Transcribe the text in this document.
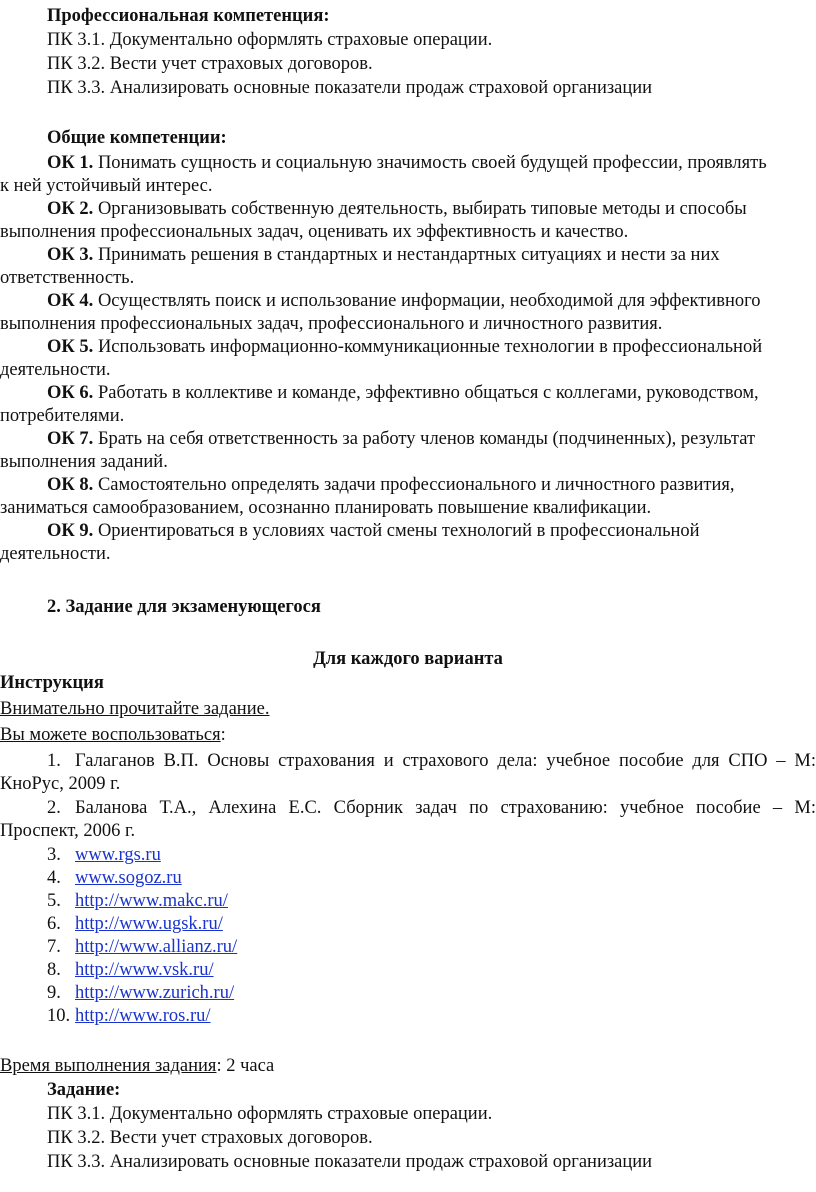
Профессиональная компетенция:
ПК 3.1. Документально оформлять страховые операции.
ПК 3.2. Вести учет страховых договоров.
ПК 3.3. Анализировать основные показатели продаж страховой организации
Общие компетенции:
ОК 1. Понимать сущность и социальную значимость своей будущей профессии, проявлять
к ней устойчивый интерес.
ОК 2. Организовывать собственную деятельность, выбирать типовые методы и способы
выполнения профессиональных задач, оценивать их эффективность и качество.
ОК 3. Принимать решения в стандартных и нестандартных ситуациях и нести за них
ответственность.
ОК 4. Осуществлять поиск и использование информации, необходимой для эффективного
выполнения профессиональных задач, профессионального и личностного развития.
ОК 5. Использовать информационно-коммуникационные технологии в профессиональной
деятельности.
ОК 6. Работать в коллективе и команде, эффективно общаться с коллегами, руководством,
потребителями.
ОК 7. Брать на себя ответственность за работу членов команды (подчиненных), результат
выполнения заданий.
ОК 8. Самостоятельно определять задачи профессионального и личностного развития,
заниматься самообразованием, осознанно планировать повышение квалификации.
ОК 9. Ориентироваться в условиях частой смены технологий в профессиональной
деятельности.
2. Задание для экзаменующегося
Для каждого варианта
Инструкция
Внимательно прочитайте задание.
Вы можете воспользоваться:
1. Галаганов В.П. Основы страхования и страхового дела: учебное пособие для СПО – М:
КноРус, 2009 г.
2. Баланова Т.А., Алехина Е.С. Сборник задач по страхованию: учебное пособие – М:
Проспект, 2006 г.
3. www.rgs.ru
4. www.sogoz.ru
5. http://www.makc.ru/
6. http://www.ugsk.ru/
7. http://www.allianz.ru/
8. http://www.vsk.ru/
9. http://www.zurich.ru/
10. http://www.ros.ru/
Время выполнения задания: 2 часа
Задание:
ПК 3.1. Документально оформлять страховые операции.
ПК 3.2. Вести учет страховых договоров.
ПК 3.3. Анализировать основные показатели продаж страховой организации
